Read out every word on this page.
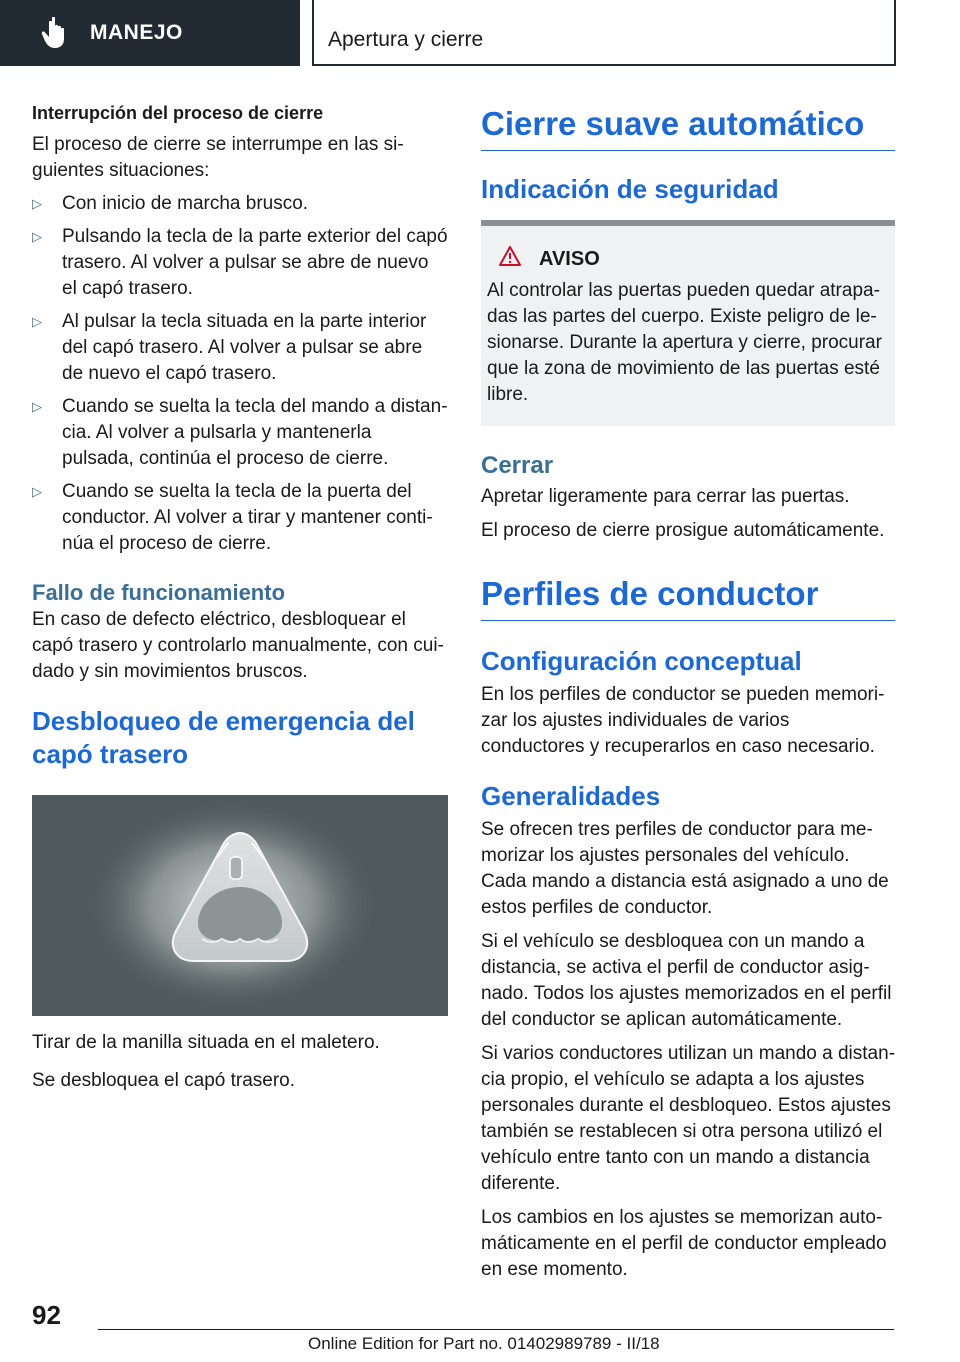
MANEJO	Apertura y cierre
Interrupción del proceso de cierre

El proceso de cierre se interrumpe en las siguientes situaciones:

▷	Con inicio de marcha brusco.
▷	Pulsando la tecla de la parte exterior del capó trasero. Al volver a pulsar se abre de nuevo el capó trasero.
▷	Al pulsar la tecla situada en la parte interior del capó trasero. Al volver a pulsar se abre de nuevo el capó trasero.
▷	Cuando se suelta la tecla del mando a distancia. Al volver a pulsarla y mantenerla pulsada, continúa el proceso de cierre.
▷	Cuando se suelta la tecla de la puerta del conductor. Al volver a tirar y mantener continúa el proceso de cierre.
Fallo de funcionamiento

En caso de defecto eléctrico, desbloquear el capó trasero y controlarlo manualmente, con cuidado y sin movimientos bruscos.

Desbloqueo de emergencia del capó trasero

Tirar de la manilla situada en el maletero.

Se desbloquea el capó trasero.

Cierre suave automático
Indicación de seguridad
AVISO

Al controlar las puertas pueden quedar atrapadas las partes del cuerpo. Existe peligro de lesionarse. Durante la apertura y cierre, procurar que la zona de movimiento de las puertas esté libre.

Cerrar

Apretar ligeramente para cerrar las puertas.

El proceso de cierre prosigue automáticamente.

Perfiles de conductor
Configuración conceptual

En los perfiles de conductor se pueden memorizar los ajustes individuales de varios conductores y recuperarlos en caso necesario.

Generalidades

Se ofrecen tres perfiles de conductor para memorizar los ajustes personales del vehículo. Cada mando a distancia está asignado a uno de estos perfiles de conductor.

Si el vehículo se desbloquea con un mando a distancia, se activa el perfil de conductor asignado. Todos los ajustes memorizados en el perfil del conductor se aplican automáticamente.

Si varios conductores utilizan un mando a distancia propio, el vehículo se adapta a los ajustes personales durante el desbloqueo. Estos ajustes también se restablecen si otra persona utilizó el vehículo entre tanto con un mando a distancia diferente.

Los cambios en los ajustes se memorizan automáticamente en el perfil de conductor empleado en ese momento.

92
Online Edition for Part no. 01402989789 - II/18
